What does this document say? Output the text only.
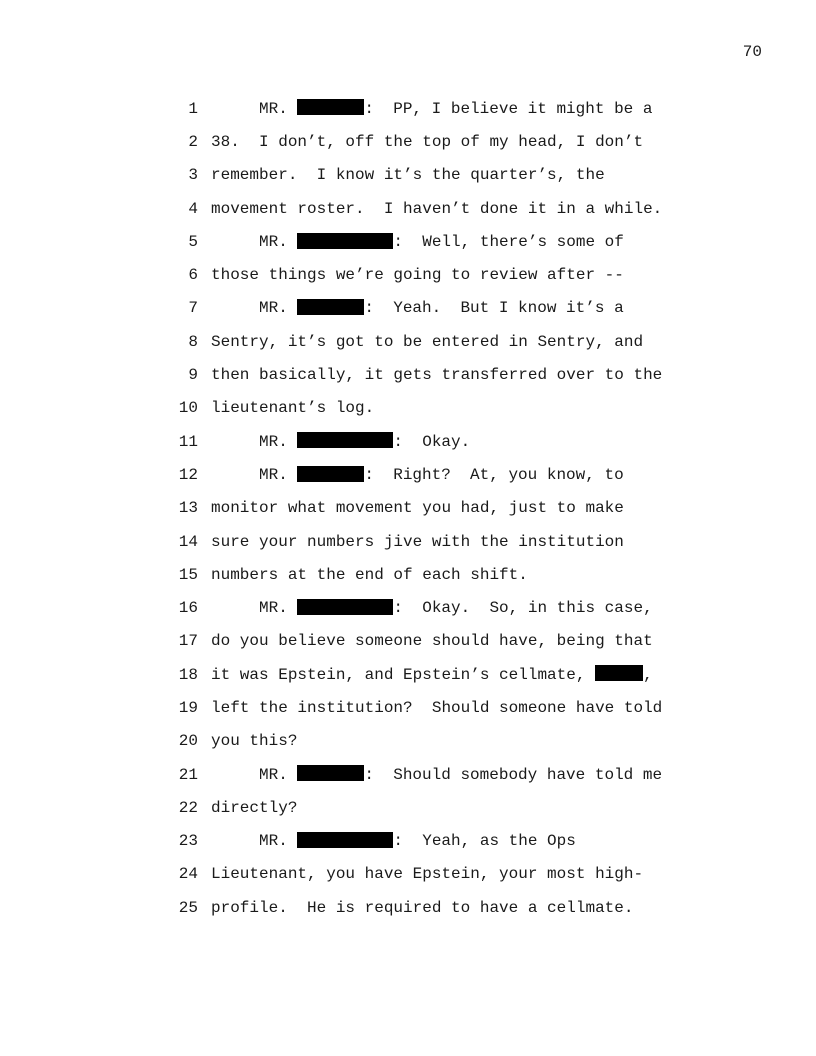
70
1	MR.	:  PP, I believe it might be a
2 38.  I don’t, off the top of my head, I don’t
3 remember.  I know it’s the quarter’s, the
4 movement roster.  I haven’t done it in a while.
5	MR.	:  Well, there’s some of
6 those things we’re going to review after --
7	MR.	:  Yeah.  But I know it’s a
8 Sentry, it’s got to be entered in Sentry, and
9 then basically, it gets transferred over to the
10 lieutenant’s log.
11	MR.	:  Okay.
12	MR.	:  Right?  At, you know, to
13 monitor what movement you had, just to make
14 sure your numbers jive with the institution
15 numbers at the end of each shift.
16	MR.	:  Okay.  So, in this case,
17 do you believe someone should have, being that
18 it was Epstein, and Epstein’s cellmate,	,
19 left the institution?  Should someone have told
20 you this?
21	MR.	:  Should somebody have told me
22 directly?
23	MR.	:  Yeah, as the Ops
24 Lieutenant, you have Epstein, your most high-
25 profile.  He is required to have a cellmate.
